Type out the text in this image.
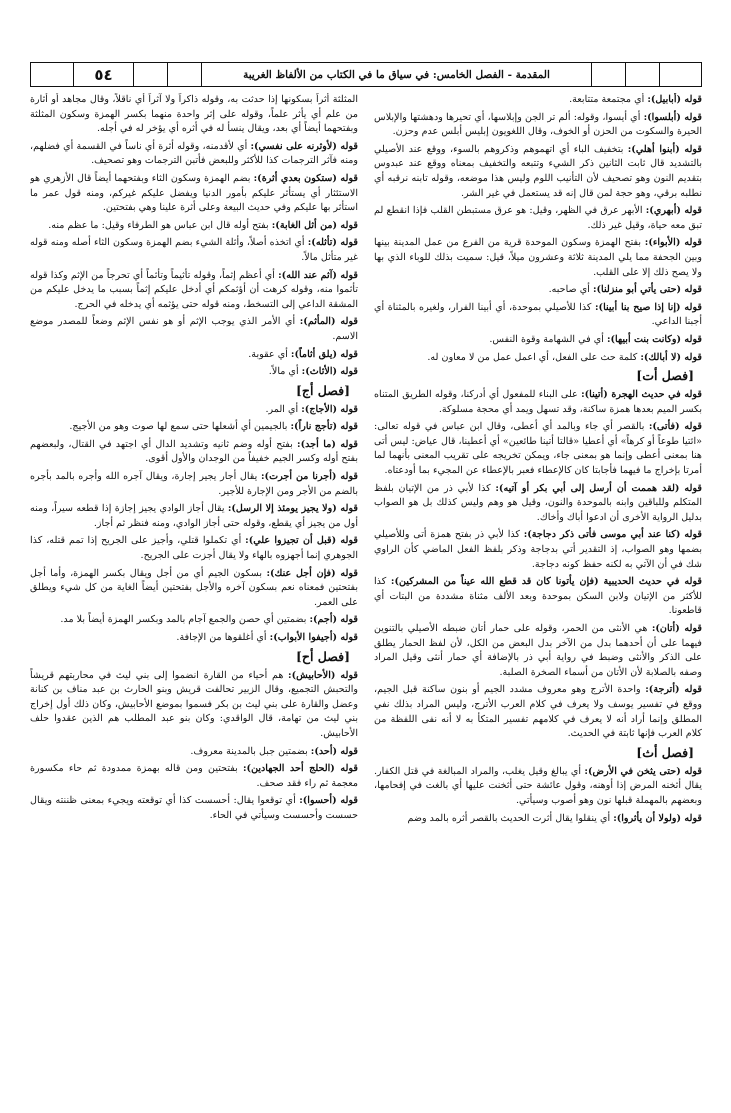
٥٤	المقدمة - الفصل الخامس: في سياق ما في الكتاب من الألفاظ الغريبة

قوله (أبابيل): أي مجتمعة متتابعة.

قوله (أبلسوا): أي أيسوا، وقوله: ألم تر الجن وإبلاسها، أي تحيرها ودهشتها والإبلاس الحيرة والسكوت من الحزن أو الخوف، وقال اللغويون إبليس أبلس عدم وحزن.

قوله (أبنوا أهلي): بتخفيف الباء أي اتهموهم وذكروهم بالسوء، ووقع عند الأصيلي بالتشديد قال ثابت الثانين ذكر الشيء وتتبعه والتخفيف بمعناه ووقع عند عبدوس بتقديم النون وهو تصحيف لأن التأنيب اللوم وليس هذا موضعه، وقوله تابنه نرقبه أي نطلبه برقي، وهو حجة لمن قال إنه قد يستعمل في غير الشر.

قوله (أبهري): الأبهر عرق في الظهر، وقيل: هو عرق مستبطن القلب فإذا انقطع لم تبق معه حياة، وقيل غير ذلك.

قوله (الأبواء): بفتح الهمزة وسكون الموحدة قرية من الفرع من عمل المدينة بينها وبين الجحفة مما يلي المدينة ثلاثة وعشرون ميلاً، قيل: سميت بذلك للوباء الذي بها ولا يصح ذلك إلا على القلب.

قوله (حتى يأتي أبو منزلنا): أي صاحبه.

قوله (إنا إذا صيح بنا أبينا): كذا للأصيلي بموحدة، أي أبينا الفرار، ولغيره بالمثناة أي أجبنا الداعي.

قوله (وكانت بنت أبيها): أي في الشهامة وقوة النفس.

قوله (لا أبالك): كلمة حث على الفعل، أي اعمل عمل من لا معاون له.

[فصل أت]

قوله في حديث الهجرة (أتينا): على البناء للمفعول أي أدركنا، وقوله الطريق المتناه بكسر الميم بعدها همزة ساكنة، وقد تسهل ويمد أي محجة مسلوكة.

قوله (فأتى): بالقصر أي جاء وبالمد أي أعطى، وقال ابن عباس في قوله تعالى: «ائتيا طوعاً أو كرهاً» أي أعطيا «قالتا أتينا طائعين» أي أعطينا، قال عياض: ليس أتى هنا بمعنى أعطى وإنما هو بمعنى جاء، ويمكن تخريجه على تقريب المعنى بأنهما لما أمرتا بإخراج ما فيهما فأجابتا كان كالإعطاء فعبر بالإعطاء عن المجيء بما أودعتاه.

قوله (لقد هممت أن أرسل إلى أبي بكر أو آتيه): كذا لأبي ذر من الإتيان بلفظ المتكلم وللباقين وابنه بالموحدة والنون، وقيل هو وهم وليس كذلك بل هو الصواب بدليل الرواية الأخرى أن ادعوا أباك وأخاك.

قوله (كنا عند أبي موسى فأتى ذكر دجاجة): كذا لأبي ذر بفتح همزة أتى وللأصيلي بضمها وهو الصواب، إذ التقدير أتي بدجاجة وذكر بلفظ الفعل الماضي كأن الراوي شك في أن الآتي به لكنه حفظ كونه دجاجة.

قوله في حديث الحديبية (فإن يأتونا كان قد قطع الله عيناً من المشركين): كذا للأكثر من الإتيان ولابن السكن بموحدة وبعد الألف مثناة مشددة من البتات أي قاطعونا.

قوله (أتان): هي الأنثى من الحمر، وقوله على حمار أتان ضبطه الأصيلي بالتنوين فيهما على أن أحدهما بدل من الآخر بدل البعض من الكل، لأن لفظ الحمار يطلق على الذكر والأنثى وضبط في رواية أبي ذر بالإضافة أي حمار أنثى وقيل المراد وصفه بالصلابة لأن الأتان من أسماء الصخرة الصلبة.

قوله (أترجة): واحدة الأترج وهو معروف مشدد الجيم أو بنون ساكنة قبل الجيم، ووقع في تفسير يوسف ولا يعرف في كلام العرب الأترج، وليس المراد بذلك نفي المطلق وإنما أراد أنه لا يعرف في كلامهم تفسير المتكأ به لا أنه نفى اللفظة من كلام العرب فإنها ثابتة في الحديث.

[فصل أث]

قوله (حتى يثخن في الأرض): أي يبالغ وقيل يغلب، والمراد المبالغة في قتل الكفار. يقال أثخنه المرض إذا أوهنه، وقول عائشة حتى أثخنت عليها أي بالغت في إفحامها، وبعضهم بالمهملة قبلها نون وهو أصوب وسيأتي.

قوله (ولولا أن يأثروا): أي ينقلوا يقال أثرت الحديث بالقصر أثره بالمد وضم

المثلثة أثراً بسكونها إذا حدثت به، وقوله ذاكراً ولا آثراً أي ناقلاً، وقال مجاهد أو أثارة من علم أي يأثر علماً، وقوله على إثر واحدة منهما بكسر الهمزة وسكون المثلثة وبفتحهما أيضاً أي بعد، ويقال ينسأ له في أثره أي يؤخر له في أجله.

قوله (لأوثرنه على نفسي): أي لأقدمنه، وقوله أثرة أي ناساً في القسمة أي فضلهم، ومنه فآثر الترجمات كذا للأكثر وللبعض فأتبن الترجمات وهو تصحيف.

قوله (ستكون بعدي أثرة): بضم الهمزة وسكون الثاء وبفتحهما أيضاً قال الأزهري هو الاستئثار أي يستأثر عليكم بأمور الدنيا ويفضل عليكم غيركم، ومنه قول عمر ما استأثر بها عليكم وفي حديث البيعة وعلى أثرة علينا وهي بفتحتين.

قوله (من أثل الغابة): بفتح أوله قال ابن عباس هو الطرفاء وقيل: ما عظم منه.

قوله (تأثله): أي اتخذه أصلاً، وأثلة الشيء بضم الهمزة وسكون الثاء أصله ومنه قوله غير متأثل مالاً.

قوله (آثم عند الله): أي أعظم إثماً، وقوله تأثيماً وتأثماً أي تحرجاً من الإثم وكذا قوله تأثموا منه، وقوله كرهت أن أؤثمكم أي أدخل عليكم إثماً بسبب ما يدخل عليكم من المشقة الداعي إلى التسخط، ومنه قوله حتى يؤثمه أي يدخله في الحرج.

قوله (المأثم): أي الأمر الذي يوجب الإثم أو هو نفس الإثم وضعاً للمصدر موضع الاسم.

قوله (يلق أثاماً): أي عقوبة.

قوله (الأثاث): أي مالاً.

[فصل أج]

قوله (الأجاج): أي المر.

قوله (تأجج ناراً): بالجيمين أي أشعلها حتى سمع لها صوت وهو من الأجيج.

قوله (ما أجد): بفتح أوله وضم ثانيه وتشديد الدال أي اجتهد في القتال، ولبعضهم بفتح أوله وكسر الجيم خفيفاً من الوجدان والأول أقوى.

قوله (أجرنا من أجرت): يقال أجار يجير إجارة، ويقال آجره الله وأجره بالمد بأجره بالضم من الأجر ومن الإجارة للأجير.

قوله (ولا يجيز يومئذ إلا الرسل): يقال أجاز الوادي يجيز إجازة إذا قطعه سيراً، ومنه أول من يجيز أي يقطع، وقوله حتى أجاز الوادي، ومنه فنظر ثم أجاز.

قوله (قبل أن تجيزوا علي): أي تكملوا قتلي، وأجيز على الجريح إذا تمم قتله، كذا الجوهري إنما أجهزوه بالهاء ولا يقال أجزت على الجريح.

قوله (فإن أجل عنك): بسكون الجيم أي من أجل ويقال بكسر الهمزة، وأما أجل بفتحتين فمعناه نعم بسكون آخره والأجل بفتحتين أيضاً الغاية من كل شيء ويطلق على العمر.

قوله (أجم): بضمتين أي حصن والجمع آجام بالمد وبكسر الهمزة أيضاً بلا مد.

قوله (أجيفوا الأبواب): أي أغلقوها من الإجافة.

[فصل أح]

قوله (الأحابيش): هم أحياء من القارة انضموا إلى بني ليث في محاربتهم قريشاً والتحبش التجميع، وقال الزبير تحالفت قريش وبنو الحارث بن عبد مناف بن كنانة وعضل والقارة على بني ليث بن بكر فسموا بموضع الأحابيش، وكان ذلك أول إخراج بني ليث من تهامة، قال الواقدي: وكان بنو عبد المطلب هم الذين عقدوا حلف الأحابيش.

قوله (أحد): بضمتين جبل بالمدينة معروف.

قوله (الحلج أحد الجهادين): بفتحتين ومن قاله بهمزة ممدودة ثم حاء مكسورة معجمة ثم راء فقد صحف.

قوله (أحسوا): أي توقعوا يقال: أحسست كذا أي توقعته ويجيء بمعنى ظننته ويقال حسست وأحسست وسيأتي في الحاء.
